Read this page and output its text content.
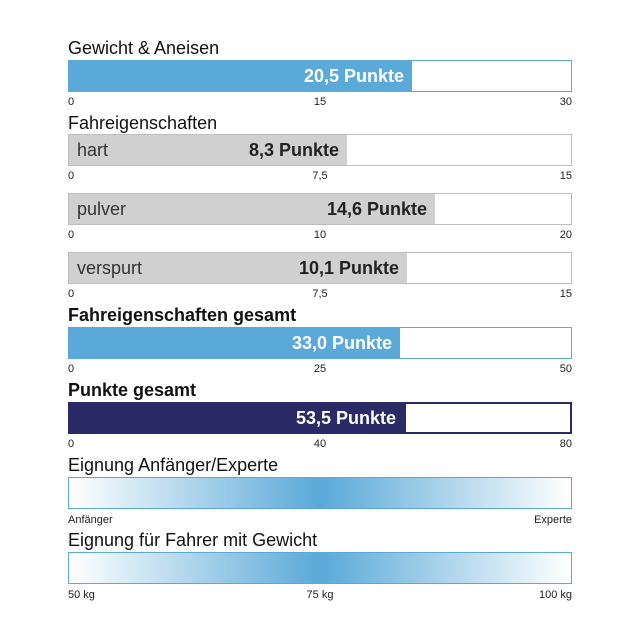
Gewicht & Aneisen
20,5 Punkte
0	15	30
Fahreigenschaften
hart	8,3 Punkte
0	7,5	15
pulver	14,6 Punkte
0	10	20
verspurt	10,1 Punkte
0	7,5	15
Fahreigenschaften gesamt
33,0 Punkte
0	25	50
Punkte gesamt
53,5 Punkte
0	40	80
Eignung Anfänger/Experte
Anfänger	Experte
Eignung für Fahrer mit Gewicht
50 kg	75 kg	100 kg
